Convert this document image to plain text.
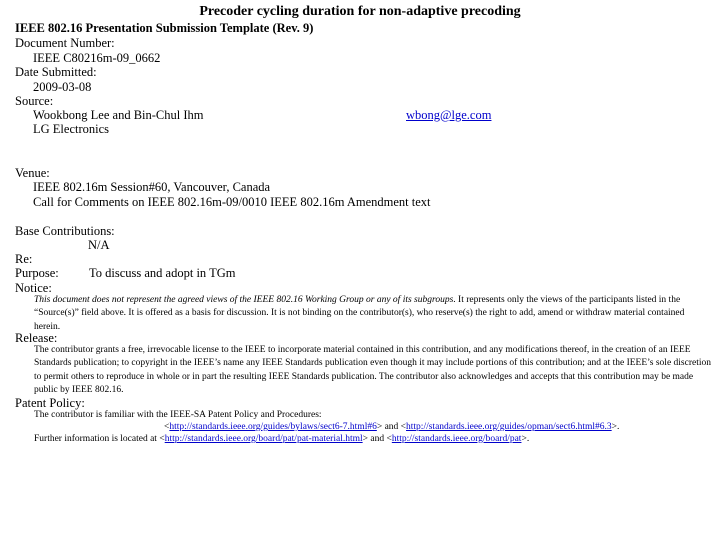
Precoder cycling duration for non-adaptive precoding
IEEE 802.16 Presentation Submission Template (Rev. 9)
Document Number:
IEEE C80216m-09_0662
Date Submitted:
2009-03-08
Source:
Wookbong Lee and Bin-Chul Ihm	wbong@lge.com
LG Electronics
Venue:
IEEE 802.16m Session#60, Vancouver, Canada
Call for Comments on IEEE 802.16m-09/0010 IEEE 802.16m Amendment text
Base Contributions:
N/A
Re:
Purpose: To discuss and adopt in TGm
Notice:
This document does not represent the agreed views of the IEEE 802.16 Working Group or any of its subgroups. It represents only the views of the participants listed in the “Source(s)” field above. It is offered as a basis for discussion. It is not binding on the contributor(s), who reserve(s) the right to add, amend or withdraw material contained herein.
Release:
The contributor grants a free, irrevocable license to the IEEE to incorporate material contained in this contribution, and any modifications thereof, in the creation of an IEEE Standards publication; to copyright in the IEEE’s name any IEEE Standards publication even though it may include portions of this contribution; and at the IEEE’s sole discretion to permit others to reproduce in whole or in part the resulting IEEE Standards publication. The contributor also acknowledges and accepts that this contribution may be made public by IEEE 802.16.
Patent Policy:
The contributor is familiar with the IEEE-SA Patent Policy and Procedures:
<http://standards.ieee.org/guides/bylaws/sect6-7.html#6> and <http://standards.ieee.org/guides/opman/sect6.html#6.3>.
Further information is located at <http://standards.ieee.org/board/pat/pat-material.html> and <http://standards.ieee.org/board/pat>.
